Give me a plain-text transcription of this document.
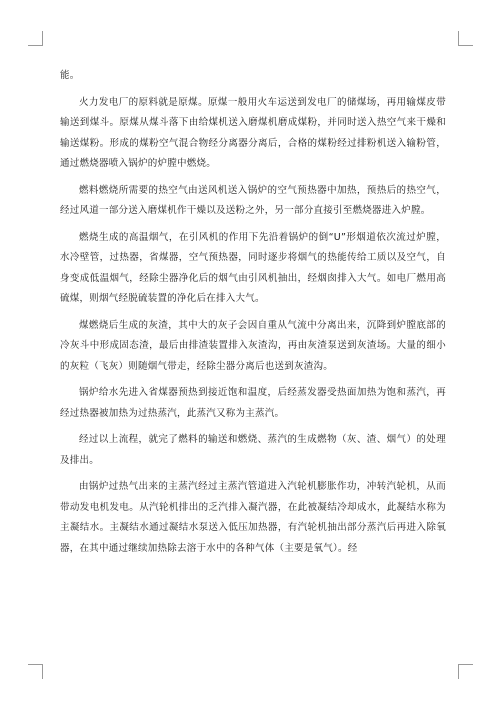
能。

火力发电厂的原料就是原煤。原煤一般用火车运送到发电厂的储煤场，再用输煤皮带输送到煤斗。原煤从煤斗落下由给煤机送入磨煤机磨成煤粉，并同时送入热空气来干燥和输送煤粉。形成的煤粉空气混合物经分离器分离后，合格的煤粉经过排粉机送入输粉管，通过燃烧器喷入锅炉的炉膛中燃烧。

燃料燃烧所需要的热空气由送风机送入锅炉的空气预热器中加热，预热后的热空气，经过风道一部分送入磨煤机作干燥以及送粉之外，另一部分直接引至燃烧器进入炉膛。

燃烧生成的高温烟气，在引风机的作用下先沿着锅炉的倒“U”形烟道依次流过炉膛，水冷壁管，过热器，省煤器，空气预热器，同时逐步将烟气的热能传给工质以及空气，自身变成低温烟气，经除尘器净化后的烟气由引风机抽出，经烟囱排入大气。如电厂燃用高硫煤，则烟气经脱硫装置的净化后在排入大气。

煤燃烧后生成的灰渣，其中大的灰子会因自重从气流中分离出来，沉降到炉膛底部的冷灰斗中形成固态渣，最后由排渣装置排入灰渣沟，再由灰渣泵送到灰渣场。大量的细小的灰粒（飞灰）则随烟气带走，经除尘器分离后也送到灰渣沟。

锅炉给水先进入省煤器预热到接近饱和温度，后经蒸发器受热面加热为饱和蒸汽，再经过热器被加热为过热蒸汽，此蒸汽又称为主蒸汽。

经过以上流程，就完了燃料的输送和燃烧、蒸汽的生成燃物（灰、渣、烟气）的处理及排出。

由锅炉过热气出来的主蒸汽经过主蒸汽管道进入汽轮机膨胀作功，冲转汽轮机，从而带动发电机发电。从汽轮机排出的乏汽排入凝汽器，在此被凝结冷却成水，此凝结水称为主凝结水。主凝结水通过凝结水泵送入低压加热器，有汽轮机抽出部分蒸汽后再进入除氧器，在其中通过继续加热除去溶于水中的各种气体（主要是氧气）。经
